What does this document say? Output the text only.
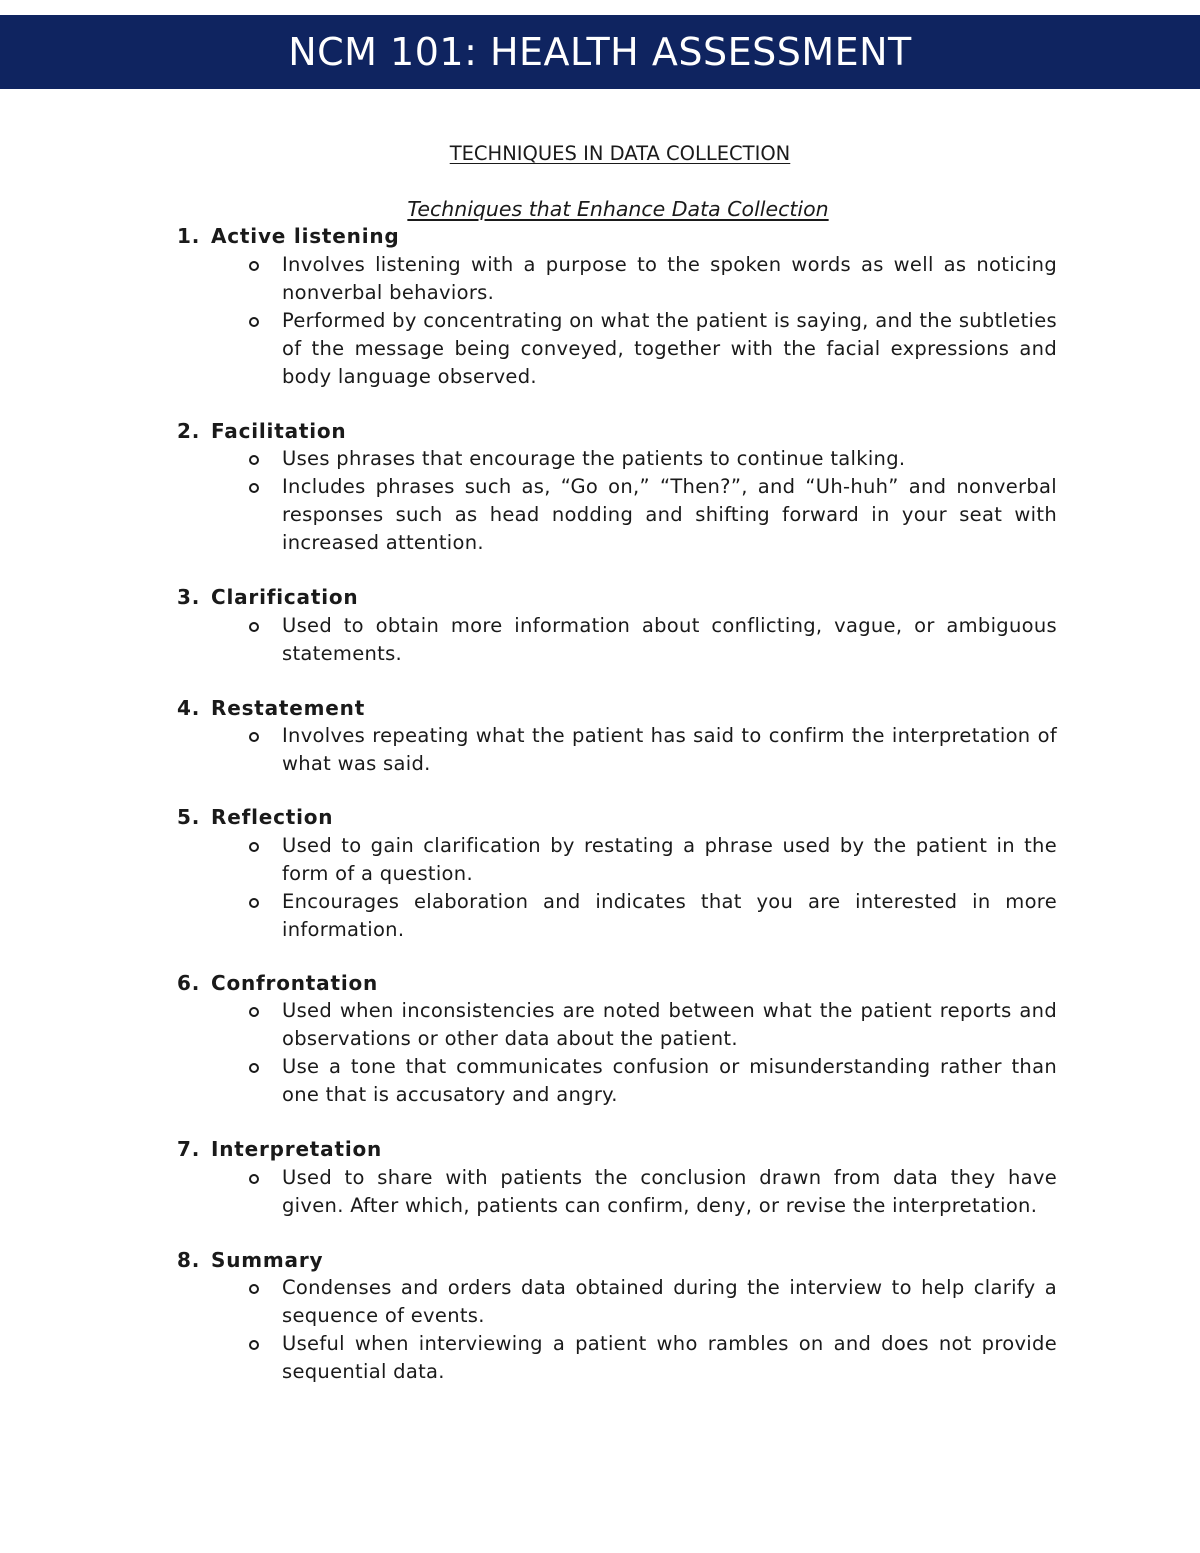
NCM 101: HEALTH ASSESSMENT
TECHNIQUES IN DATA COLLECTION
Techniques that Enhance Data Collection
1. Active listening
Involves listening with a purpose to the spoken words as well as noticing nonverbal behaviors.
Performed by concentrating on what the patient is saying, and the subtleties of the message being conveyed, together with the facial expressions and body language observed.
2. Facilitation
Uses phrases that encourage the patients to continue talking.
Includes phrases such as, “Go on,” “Then?”, and “Uh-huh” and nonverbal responses such as head nodding and shifting forward in your seat with increased attention.
3. Clarification
Used to obtain more information about conflicting, vague, or ambiguous statements.
4. Restatement
Involves repeating what the patient has said to confirm the interpretation of what was said.
5. Reflection
Used to gain clarification by restating a phrase used by the patient in the form of a question.
Encourages elaboration and indicates that you are interested in more information.
6. Confrontation
Used when inconsistencies are noted between what the patient reports and observations or other data about the patient.
Use a tone that communicates confusion or misunderstanding rather than one that is accusatory and angry.
7. Interpretation
Used to share with patients the conclusion drawn from data they have given. After which, patients can confirm, deny, or revise the interpretation.
8. Summary
Condenses and orders data obtained during the interview to help clarify a sequence of events.
Useful when interviewing a patient who rambles on and does not provide sequential data.
